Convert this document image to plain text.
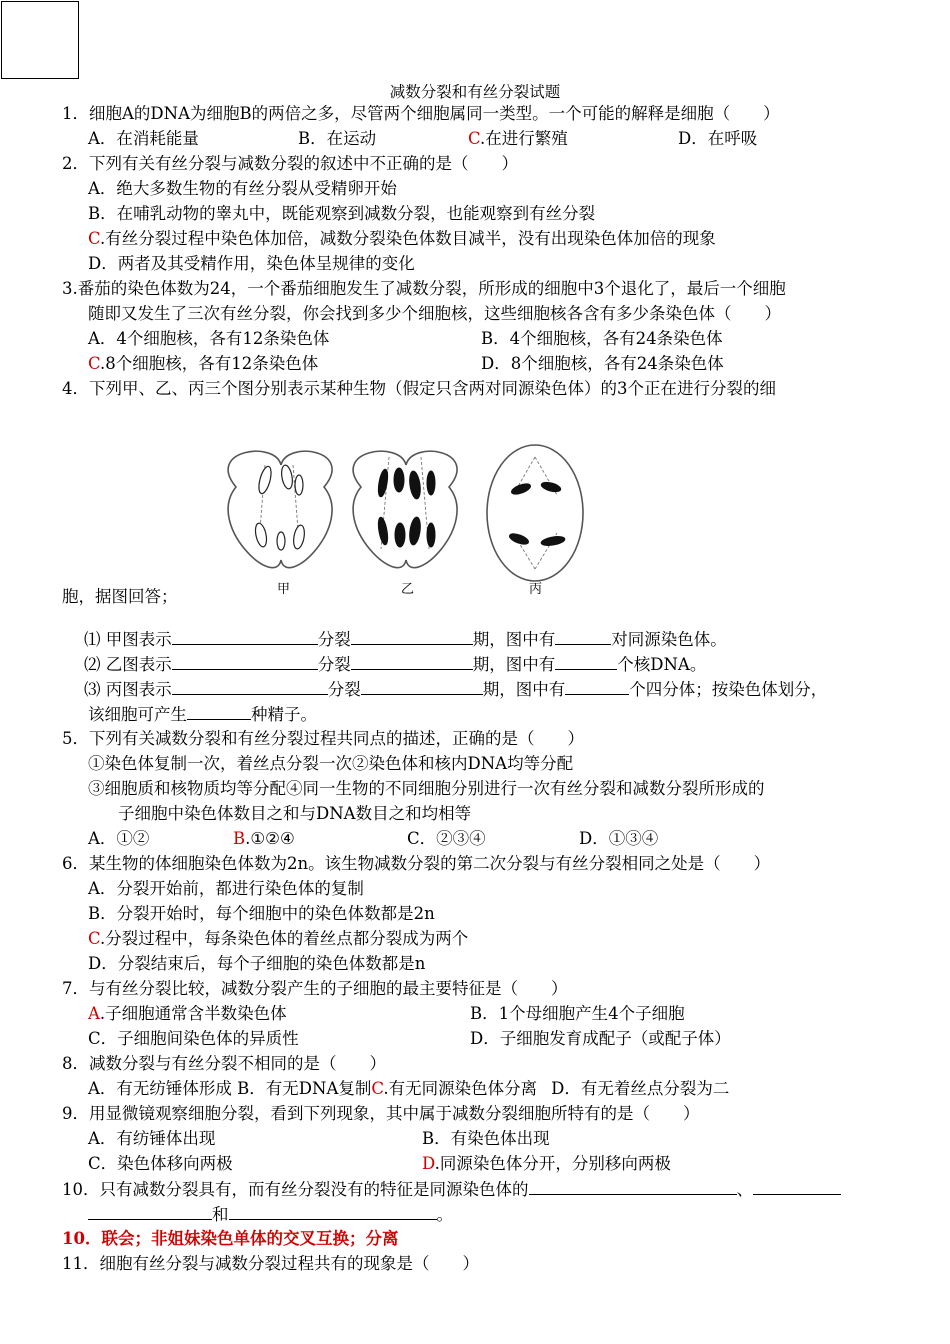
减数分裂和有丝分裂试题
1．细胞A的DNA为细胞B的两倍之多，尽管两个细胞属同一类型。一个可能的解释是细胞（　　）
A．在消耗能量	B．在运动	C.在进行繁殖	D．在呼吸
2．下列有关有丝分裂与减数分裂的叙述中不正确的是（　　）
A．绝大多数生物的有丝分裂从受精卵开始
B．在哺乳动物的睾丸中，既能观察到减数分裂，也能观察到有丝分裂
C.有丝分裂过程中染色体加倍，减数分裂染色体数目减半，没有出现染色体加倍的现象
D．两者及其受精作用，染色体呈规律的变化
3.番茄的染色体数为24，一个番茄细胞发生了减数分裂，所形成的细胞中3个退化了，最后一个细胞
随即又发生了三次有丝分裂，你会找到多少个细胞核，这些细胞核各含有多少条染色体（　　）
A．4个细胞核，各有12条染色体	B．4个细胞核，各有24条染色体
C.8个细胞核，各有12条染色体	D．8个细胞核，各有24条染色体
4．下列甲、乙、丙三个图分别表示某种生物（假定只含两对同源染色体）的3个正在进行分裂的细
甲	乙	丙
胞，据图回答；
⑴ 甲图表示	分裂	期，图中有	对同源染色体。
⑵ 乙图表示	分裂	期，图中有	个核DNA。
⑶ 丙图表示	分裂	期，图中有	个四分体；按染色体划分，
该细胞可产生	种精子。
5．下列有关减数分裂和有丝分裂过程共同点的描述，正确的是（　　）
①染色体复制一次，着丝点分裂一次②染色体和核内DNA均等分配
③细胞质和核物质均等分配④同一生物的不同细胞分别进行一次有丝分裂和减数分裂所形成的
子细胞中染色体数目之和与DNA数目之和均相等
A．①②	B.①②④	C．②③④	D．①③④
6．某生物的体细胞染色体数为2n。该生物减数分裂的第二次分裂与有丝分裂相同之处是（　　）
A．分裂开始前，都进行染色体的复制
B．分裂开始时，每个细胞中的染色体数都是2n
C.分裂过程中，每条染色体的着丝点都分裂成为两个
D．分裂结束后，每个子细胞的染色体数都是n
7．与有丝分裂比较，减数分裂产生的子细胞的最主要特征是（　　）
A.子细胞通常含半数染色体	B．1个母细胞产生4个子细胞
C．子细胞间染色体的异质性	D．子细胞发育成配子（或配子体）
8．减数分裂与有丝分裂不相同的是（　　）
A．有无纺锤体形成 B．有无DNA复制C.有无同源染色体分离 D．有无着丝点分裂为二
9．用显微镜观察细胞分裂，看到下列现象，其中属于减数分裂细胞所特有的是（　　）
A．有纺锤体出现	B．有染色体出现
C．染色体移向两极	D.同源染色体分开，分别移向两极
10．只有减数分裂具有，而有丝分裂没有的特征是同源染色体的	、
和	。
10．联会；非姐妹染色单体的交叉互换；分离
11．细胞有丝分裂与减数分裂过程共有的现象是（　　）
